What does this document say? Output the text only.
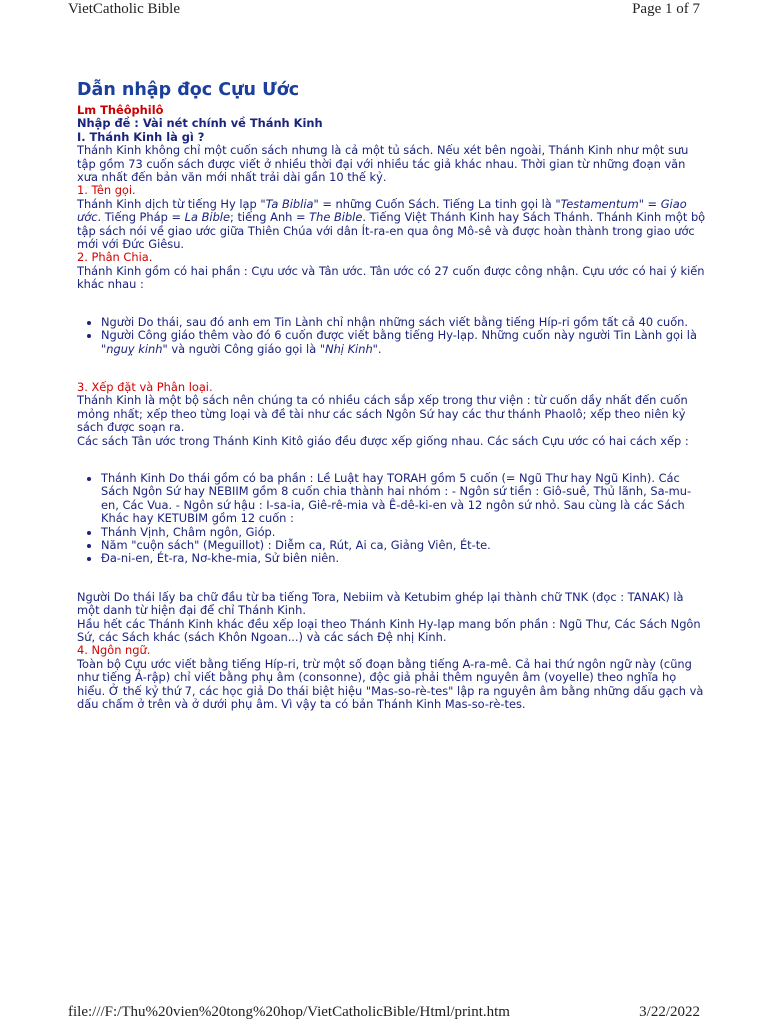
VietCatholic Bible	Page 1 of 7
Dẫn nhập đọc Cựu Ước

Lm Thêôphilô

Nhập đề : Vài nét chính về Thánh Kinh

I. Thánh Kinh là gì ?

Thánh Kinh không chỉ một cuốn sách nhưng là cả một tủ sách. Nếu xét bên ngoài, Thánh Kinh như một sưu tập gồm 73 cuốn sách được viết ở nhiều thời đại với nhiều tác giả khác nhau. Thời gian từ những đoạn văn xưa nhất đến bản văn mới nhất trải dài gần 10 thế kỷ.

1. Tên gọi.

Thánh Kinh dịch từ tiếng Hy lạp "Ta Biblia" = những Cuốn Sách. Tiếng La tinh gọi là "Testamentum" = Giao ước. Tiếng Pháp = La Bible; tiếng Anh = The Bible. Tiếng Việt Thánh Kinh hay Sách Thánh. Thánh Kinh một bộ tập sách nói về giao ước giữa Thiên Chúa với dân Ít-ra-en qua ông Mô-sê và được hoàn thành trong giao ước mới với Đức Giêsu.

2. Phân Chia.

Thánh Kinh gồm có hai phần : Cựu ước và Tân ước. Tân ước có 27 cuốn được công nhận. Cựu ước có hai ý kiến khác nhau :

• Người Do thái, sau đó anh em Tin Lành chỉ nhận những sách viết bằng tiếng Híp-ri gồm tất cả 40 cuốn.
• Người Công giáo thêm vào đó 6 cuốn được viết bằng tiếng Hy-lạp. Những cuốn này người Tin Lành gọi là "nguỵ kinh" và người Công giáo gọi là "Nhị Kinh".

3. Xếp đặt và Phân loại.

Thánh Kinh là một bộ sách nên chúng ta có nhiều cách sắp xếp trong thư viện : từ cuốn dầy nhất đến cuốn mỏng nhất; xếp theo từng loại và đề tài như các sách Ngôn Sứ hay các thư thánh Phaolô; xếp theo niên kỷ sách được soạn ra.

Các sách Tân ước trong Thánh Kinh Kitô giáo đều được xếp giống nhau. Các sách Cựu ước có hai cách xếp :

• Thánh Kinh Do thái gồm có ba phần : Lề Luật hay TORAH gồm 5 cuốn (= Ngũ Thư hay Ngũ Kinh). Các Sách Ngôn Sứ hay NEBIIM gồm 8 cuốn chia thành hai nhóm : - Ngôn sứ tiền : Giô-suê, Thủ lãnh, Sa-mu-en, Các Vua. - Ngôn sứ hậu : I-sa-ia, Giê-rê-mia và Ê-dê-ki-en và 12 ngôn sứ nhỏ. Sau cùng là các Sách Khác hay KETUBIM gồm 12 cuốn :
• Thánh Vịnh, Châm ngôn, Gióp.
• Năm "cuộn sách" (Meguillot) : Diễm ca, Rút, Ai ca, Giảng Viên, Ét-te.
• Đa-ni-en, Ét-ra, Nơ-khe-mia, Sử biên niên.

Người Do thái lấy ba chữ đầu từ ba tiếng Tora, Nebiim và Ketubim ghép lại thành chữ TNK (đọc : TANAK) là một danh từ hiện đại để chỉ Thánh Kinh.

Hầu hết các Thánh Kinh khác đều xếp loại theo Thánh Kinh Hy-lạp mang bốn phần : Ngũ Thư, Các Sách Ngôn Sứ, các Sách khác (sách Khôn Ngoan...) và các sách Đệ nhị Kinh.

4. Ngôn ngữ.

Toàn bộ Cựu ước viết bằng tiếng Híp-ri, trừ một số đoạn bằng tiếng A-ra-mê. Cả hai thứ ngôn ngữ này (cũng như tiếng Ả-rập) chỉ viết bằng phụ âm (consonne), độc giả phải thêm nguyên âm (voyelle) theo nghĩa họ hiểu. Ở thế kỷ thứ 7, các học giả Do thái biệt hiệu "Mas-so-rè-tes" lập ra nguyên âm bằng những dấu gạch và dấu chấm ở trên và ở dưới phụ âm. Vì vậy ta có bản Thánh Kinh Mas-so-rè-tes.

file:///F:/Thu%20vien%20tong%20hop/VietCatholicBible/Html/print.htm	3/22/2022
